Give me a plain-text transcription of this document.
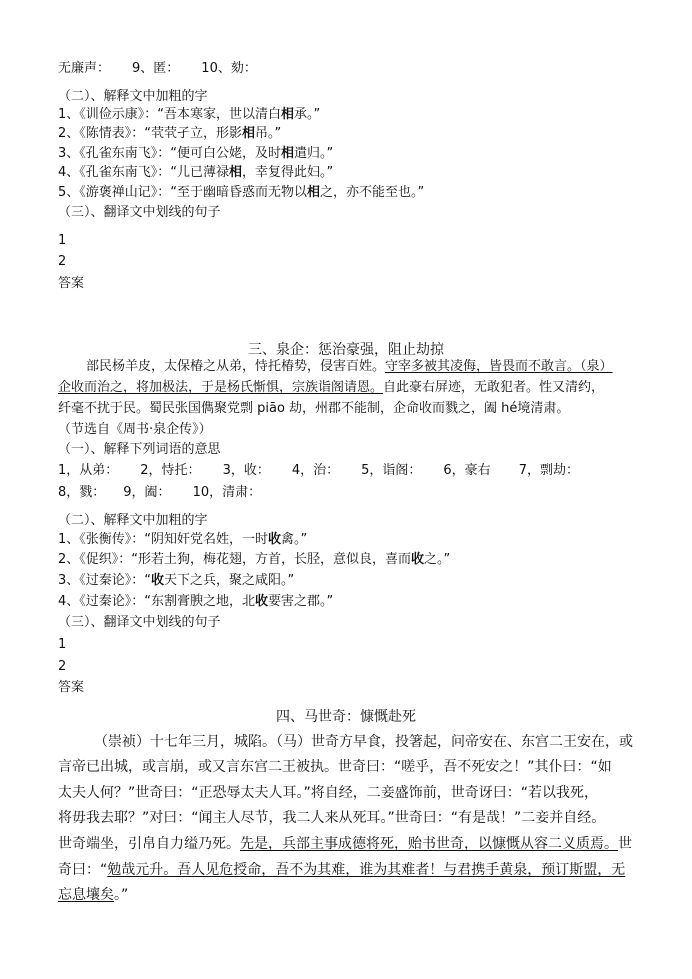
无廉声： 9、匿： 10、劾：
（二）、解释文中加粗的字
1、《训俭示康》：“吾本寒家，世以清白相承。”
2、《陈情表》：“茕茕孑立，形影相吊。”
3、《孔雀东南飞》：“便可白公姥，及时相遣归。”
4、《孔雀东南飞》：“儿已薄禄相，幸复得此妇。”
5、《游褒禅山记》：“至于幽暗昏惑而无物以相之，亦不能至也。”
（三）、翻译文中划线的句子
1
2
答案
三、泉企：惩治豪强，阻止劫掠
部民杨羊皮，太保椿之从弟，恃托椿势，侵害百姓。守宰多被其凌侮，皆畏而不敢言。（泉）
企收而治之，将加极法，于是杨氏惭惧，宗族诣阁请恩。自此豪右屏迹，无敢犯者。性又清约，
纤毫不扰于民。蜀民张国儁聚党剽 piāo 劫，州郡不能制，企命收而戮之，阖 hé境清肃。
（节选自《周书·泉企传》）
（一）、解释下列词语的意思
1，从弟： 2，恃托： 3，收： 4，治： 5，诣阁： 6，豪右 7，剽劫：
8，戮： 9，阖： 10，清肃：
（二）、解释文中加粗的字
1、《张衡传》：“阴知奸党名姓，一时收禽。”
2、《促织》：“形若土狗，梅花翅，方首，长胫，意似良，喜而收之。”
3、《过秦论》：“收天下之兵，聚之咸阳。”
4、《过秦论》：“东割膏腴之地，北收要害之郡。”
（三）、翻译文中划线的句子
1
2
答案
四、马世奇：慷慨赴死
（崇祯）十七年三月，城陷。（马）世奇方早食，投箸起，问帝安在、东宫二王安在，或
言帝已出城，或言崩，或又言东宫二王被执。世奇曰：“嗟乎，吾不死安之！”其仆曰：“如
太夫人何？”世奇曰：“正恐辱太夫人耳。”将自经，二妾盛饰前，世奇讶曰：“若以我死，
将毋我去耶？”对曰：“闻主人尽节，我二人来从死耳。”世奇曰：“有是哉！”二妾并自经。
世奇端坐，引帛自力缢乃死。先是，兵部主事成德将死，贻书世奇，以慷慨从容二义质焉。世
奇曰：“勉哉元升。吾人见危授命，吾不为其难，谁为其难者！与君携手黄泉，预订斯盟，无
忘息壤矣。”
